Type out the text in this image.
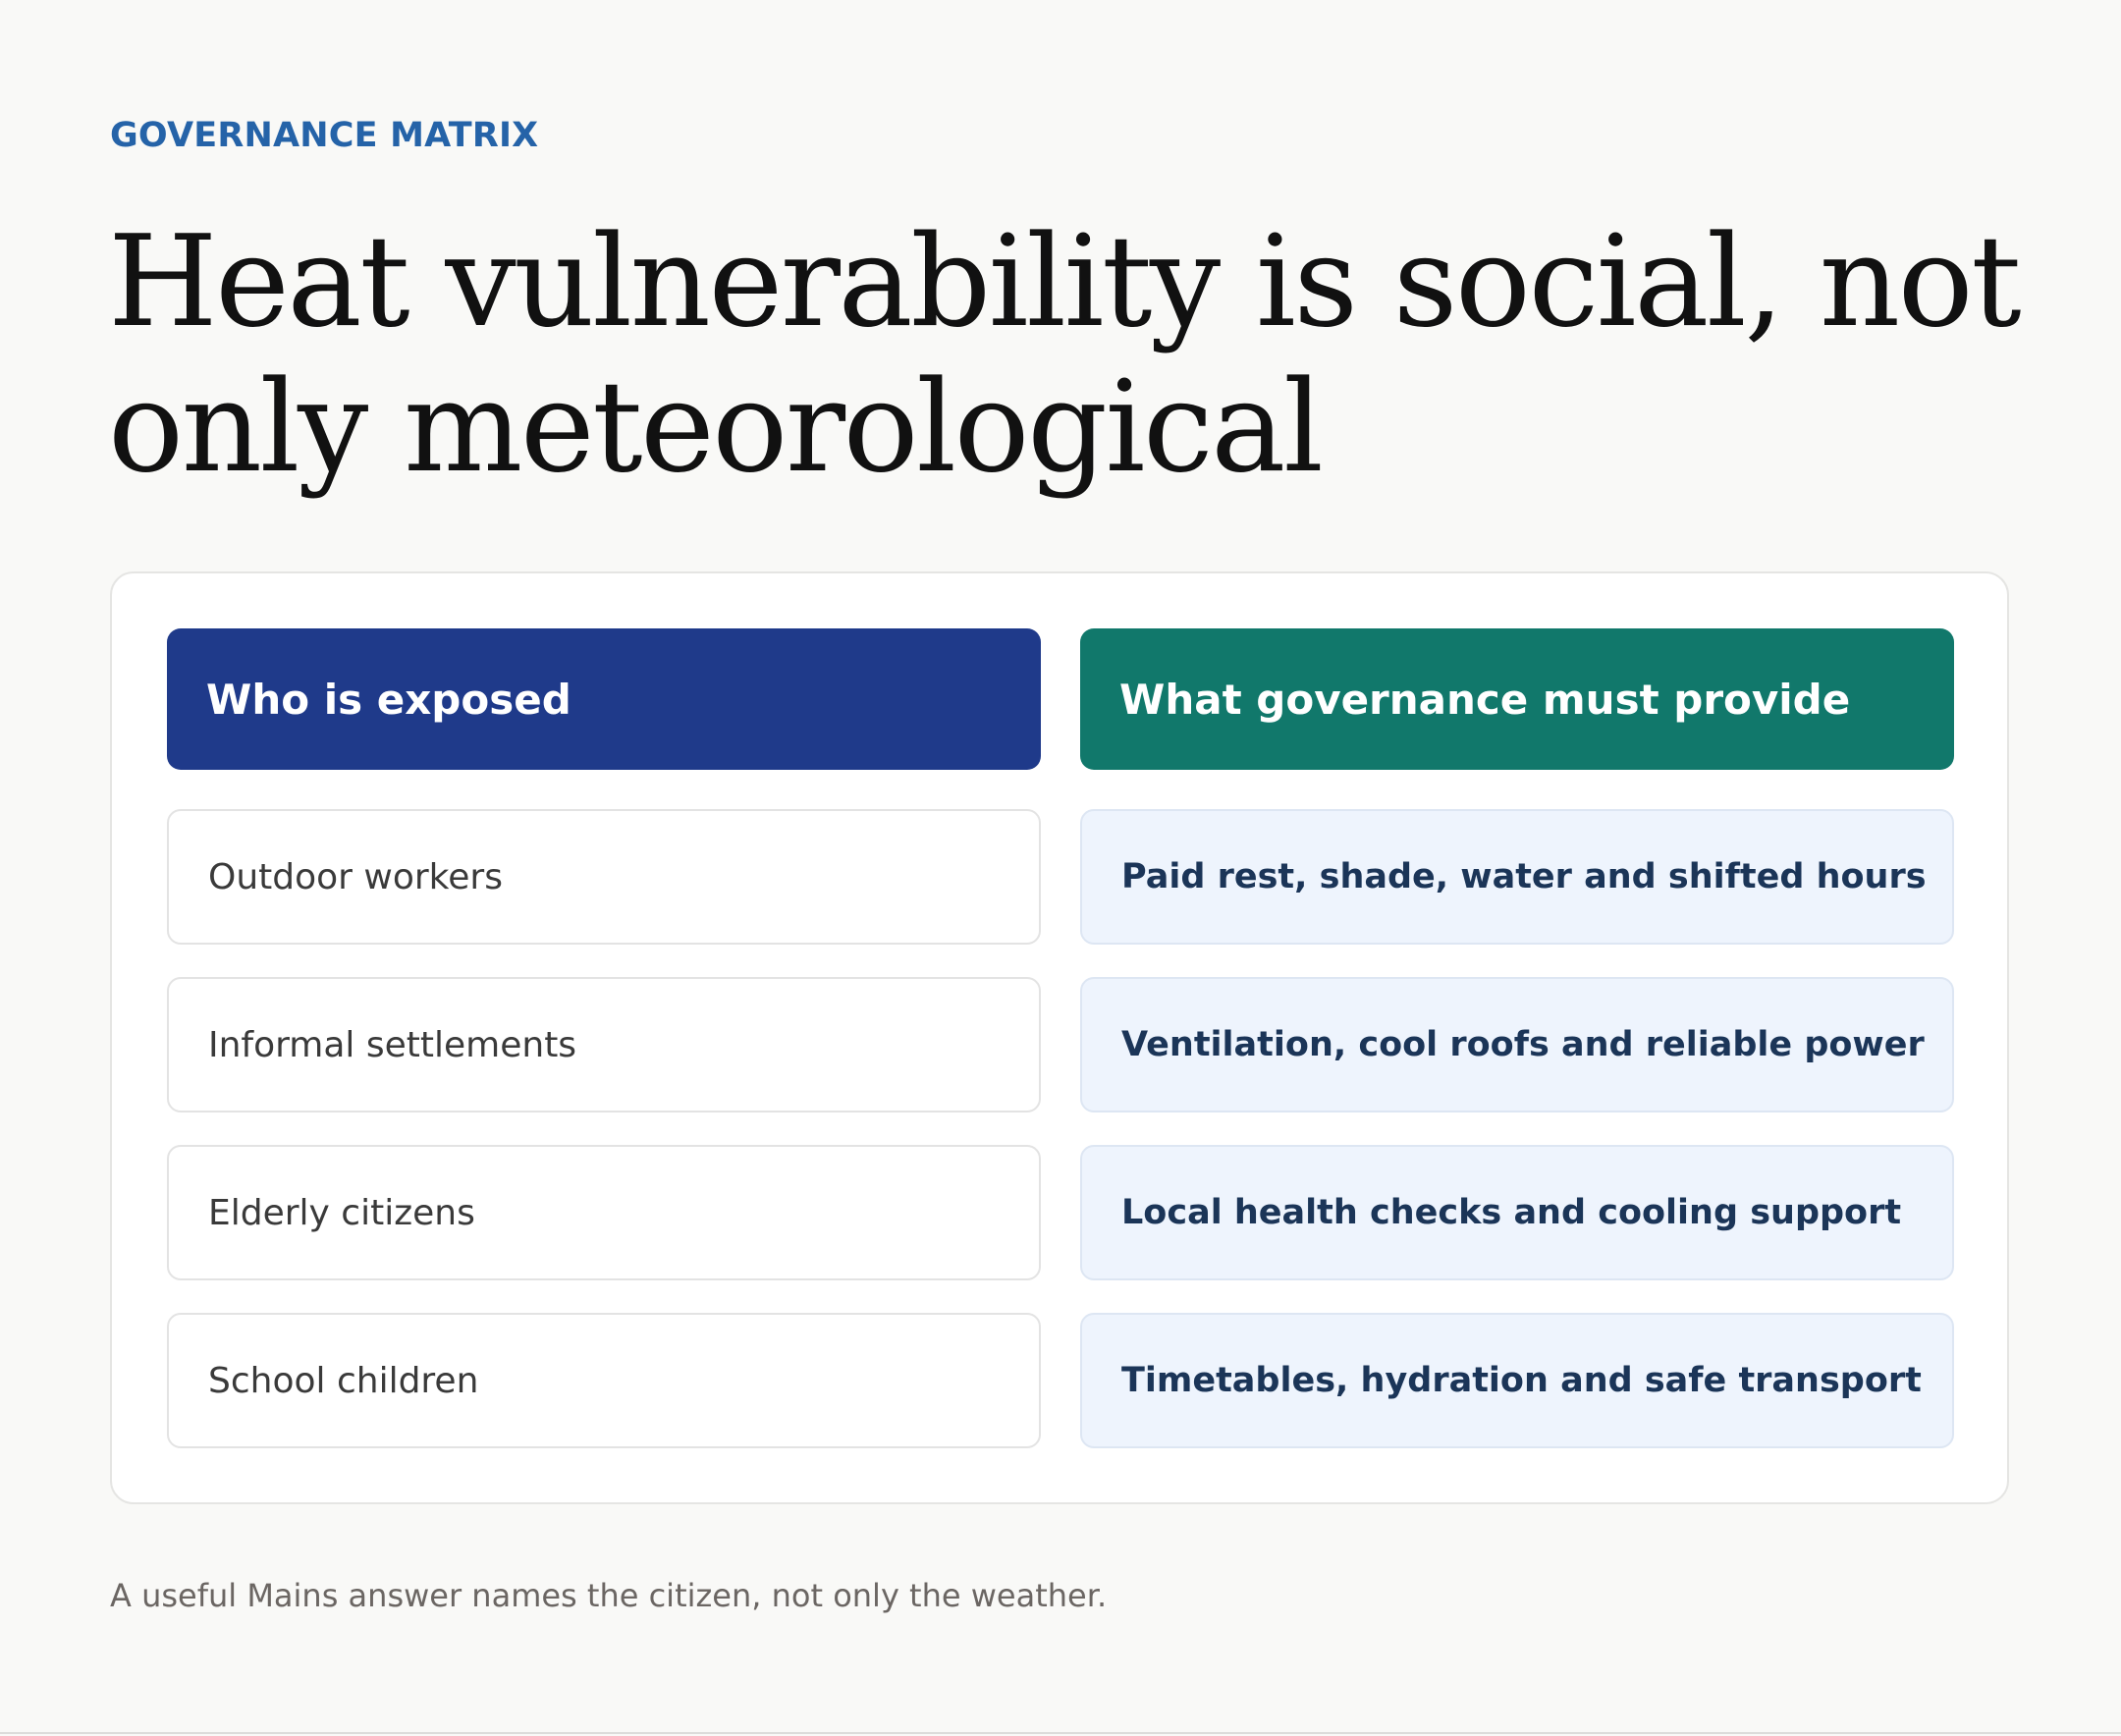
GOVERNANCE MATRIX
Heat vulnerability is social, not only meteorological
Who is exposed
Outdoor workers
Informal settlements
Elderly citizens
School children
What governance must provide
Paid rest, shade, water and shifted hours
Ventilation, cool roofs and reliable power
Local health checks and cooling support
Timetables, hydration and safe transport
A useful Mains answer names the citizen, not only the weather.
